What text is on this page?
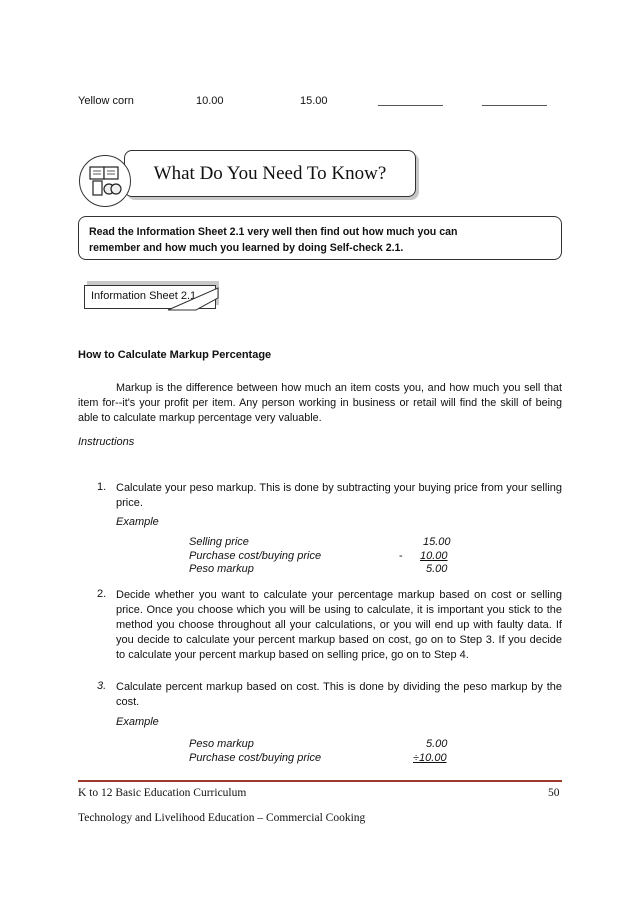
Yellow corn	10.00	15.00
What Do You Need To Know?
Read the Information Sheet 2.1 very well then find out how much you can
remember and how much you learned by doing Self-check 2.1.
Information Sheet 2.1
How to Calculate Markup Percentage
Markup is the difference between how much an item costs you, and how much you sell that item for--it's your profit per item. Any person working in business or retail will find the skill of being able to calculate markup percentage very valuable.
Instructions
1. Calculate your peso markup. This is done by subtracting your buying price from your selling price.
Example
Selling price	15.00
Purchase cost/buying price	- 10.00
Peso markup	5.00
2. Decide whether you want to calculate your percentage markup based on cost or selling price. Once you choose which you will be using to calculate, it is important you stick to the method you choose throughout all your calculations, or you will end up with faulty data. If you decide to calculate your percent markup based on cost, go on to Step 3. If you decide to calculate your percent markup based on selling price, go on to Step 4.
3. Calculate percent markup based on cost. This is done by dividing the peso markup by the cost.
Example
Peso markup	5.00
Purchase cost/buying price	÷10.00
K to 12 Basic Education Curriculum	50
Technology and Livelihood Education – Commercial Cooking
